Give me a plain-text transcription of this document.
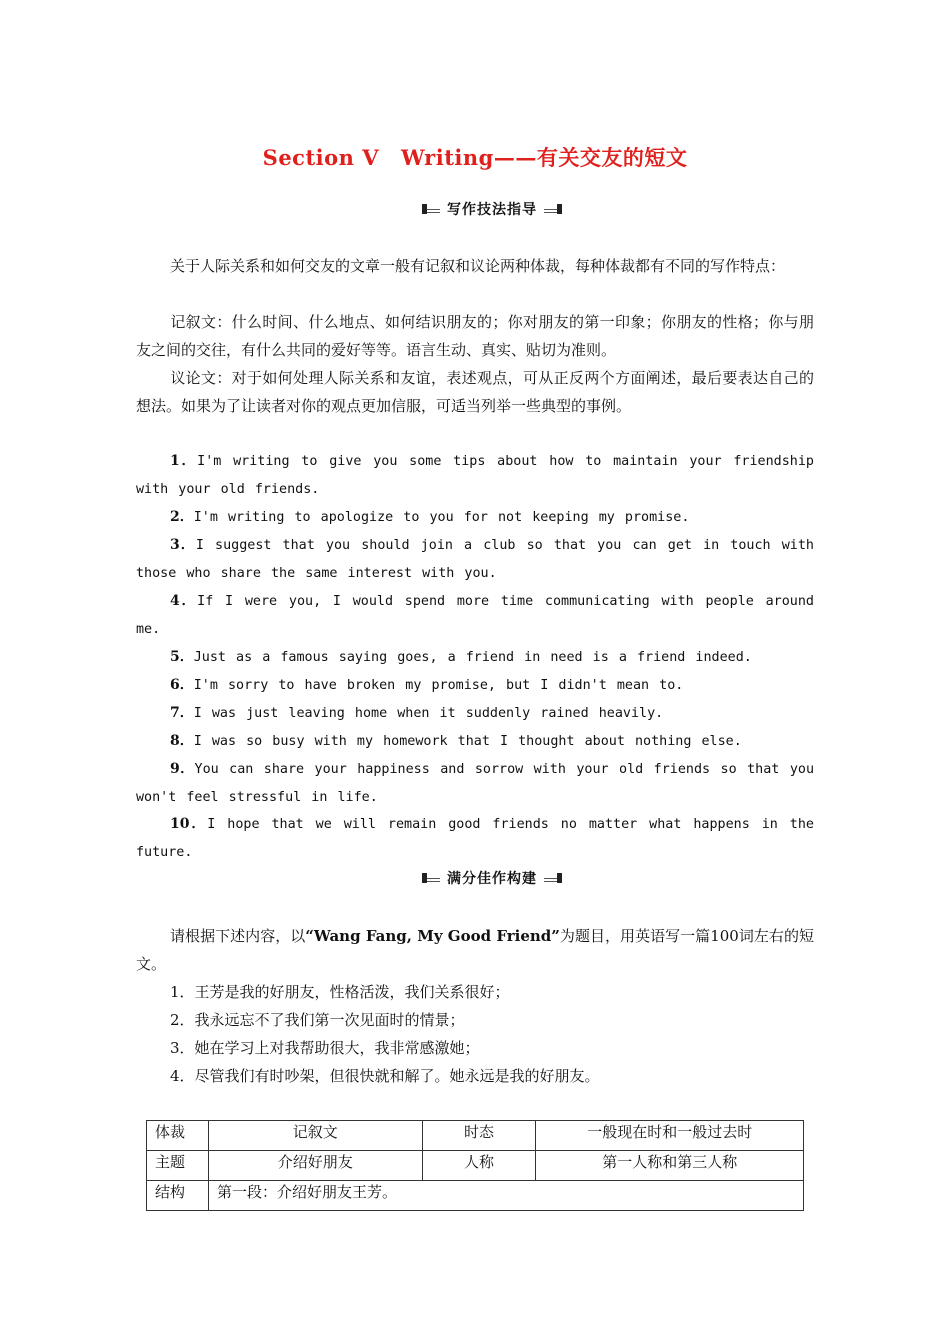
Section Ⅴ Writing——有关交友的短文
写作技法指导
关于人际关系和如何交友的文章一般有记叙和议论两种体裁，每种体裁都有不同的写作特点：
记叙文：什么时间、什么地点、如何结识朋友的；你对朋友的第一印象；你朋友的性格；你与朋友之间的交往，有什么共同的爱好等等。语言生动、真实、贴切为准则。
议论文：对于如何处理人际关系和友谊，表述观点，可从正反两个方面阐述，最后要表达自己的想法。如果为了让读者对你的观点更加信服，可适当列举一些典型的事例。
1．I'm writing to give you some tips about how to maintain your friendship with your old friends.
2．I'm writing to apologize to you for not keeping my promise.
3．I suggest that you should join a club so that you can get in touch with those who share the same interest with you.
4．If I were you, I would spend more time communicating with people around me.
5．Just as a famous saying goes, a friend in need is a friend indeed.
6．I'm sorry to have broken my promise, but I didn't mean to.
7．I was just leaving home when it suddenly rained heavily.
8．I was so busy with my homework that I thought about nothing else.
9．You can share your happiness and sorrow with your old friends so that you won't feel stressful in life.
10．I hope that we will remain good friends no matter what happens in the future.
满分佳作构建
请根据下述内容，以“Wang Fang, My Good Friend”为题目，用英语写一篇100词左右的短文。
1．王芳是我的好朋友，性格活泼，我们关系很好；
2．我永远忘不了我们第一次见面时的情景；
3．她在学习上对我帮助很大，我非常感激她；
4．尽管我们有时吵架，但很快就和解了。她永远是我的好朋友。
体裁	记叙文	时态	一般现在时和一般过去时
主题	介绍好朋友	人称	第一人称和第三人称
结构	第一段：介绍好朋友王芳。		
